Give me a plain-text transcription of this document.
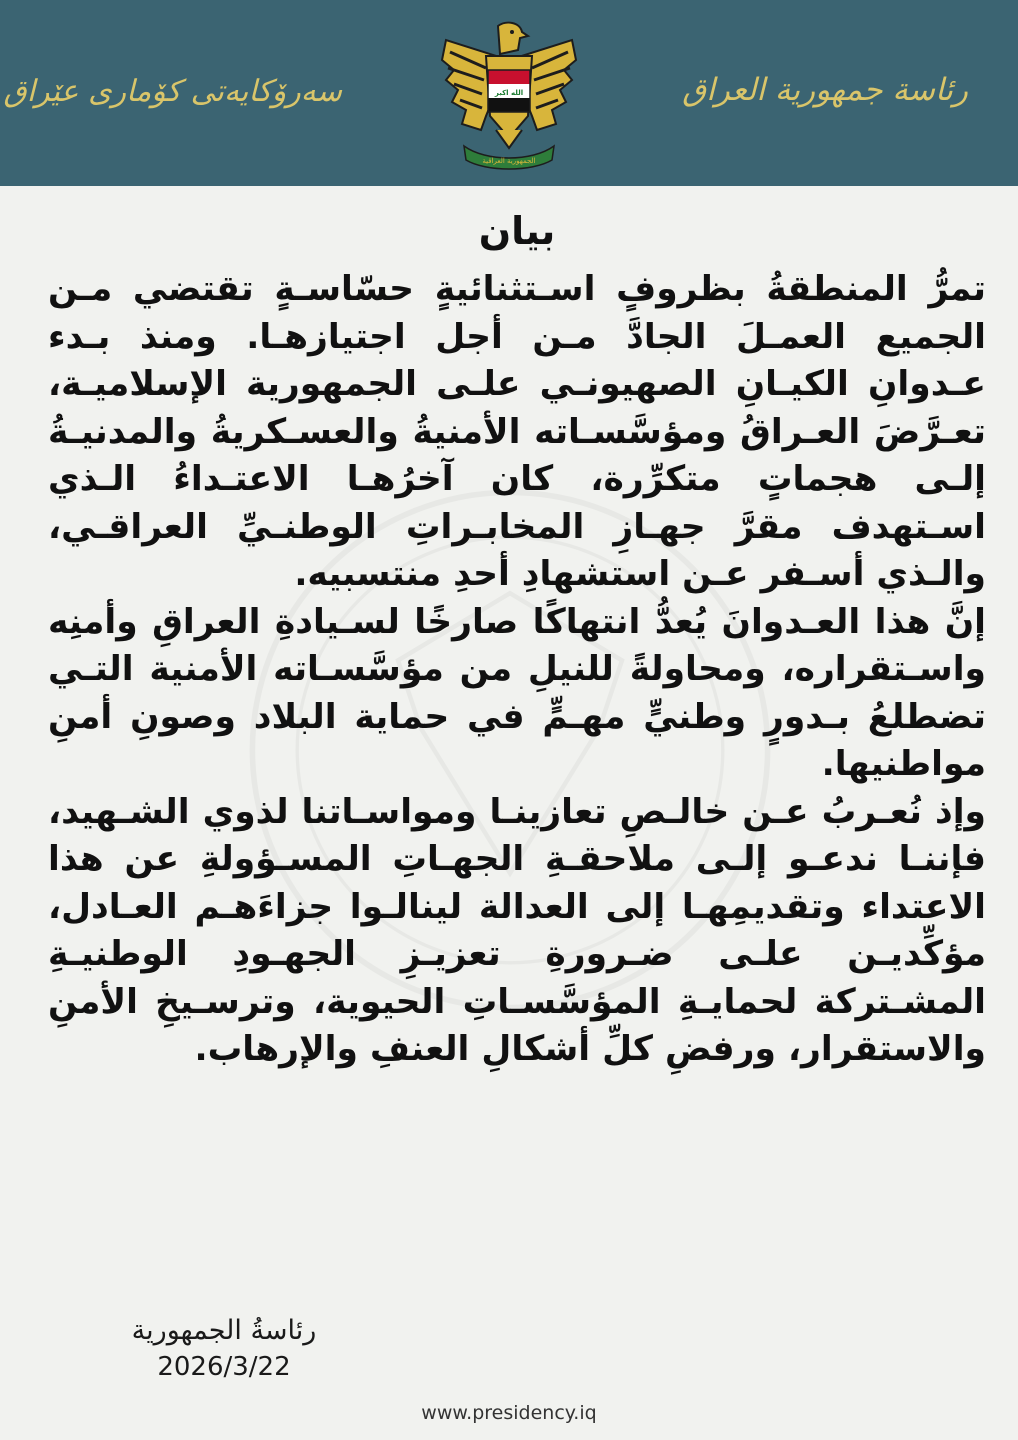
سەرۆکایەتی کۆماری عێراق	الله اكبر
الجمهورية العراقية
رئاسة جمهورية العراق
بيان

تمرُّ المنطقةُ بظروفٍ اسـتثنائيةٍ حسّاسـةٍ تقتضي مـن الجميع العمـلَ الجادَّ مـن أجل اجتيازهـا. ومنذ بـدء عـدوانِ الكيـانِ الصهيونـي علـى الجمهورية الإسلاميـة، تعـرَّضَ العـراقُ ومؤسَّسـاته الأمنيةُ والعسـكريةُ والمدنيـةُ إلـى هجماتٍ متكرِّرة، كان آخرُهـا الاعتـداءُ الـذي اسـتهدف مقرَّ جهـازِ المخابـراتِ الوطنـيِّ العراقـي، والـذي أسـفر عـن استشهادِ أحدِ منتسبيه.

إنَّ هذا العـدوانَ يُعدُّ انتهاكًا صارخًا لسـيادةِ العراقِ وأمنِه واسـتقراره، ومحاولةً للنيلِ من مؤسَّسـاته الأمنية التـي تضطلعُ بـدورٍ وطنيٍّ مهـمٍّ في حماية البلاد وصونِ أمنِ مواطنيها.

وإذ نُعـربُ عـن خالـصِ تعازينـا ومواسـاتنا لذوي الشـهيد، فإننـا ندعـو إلـى ملاحقـةِ الجهـاتِ المسـؤولةِ عن هذا الاعتداء وتقديمِهـا إلى العدالة لينالـوا جزاءَهـم العـادل، مؤكِّديـن علـى ضـرورةِ تعزيـزِ الجهـودِ الوطنيـةِ المشـتركة لحمايـةِ المؤسَّسـاتِ الحيوية، وترسـيخِ الأمنِ والاستقرار، ورفضِ كلِّ أشكالِ العنفِ والإرهاب.

رئاسةُ الجمهورية
2026/3/22
www.presidency.iq
